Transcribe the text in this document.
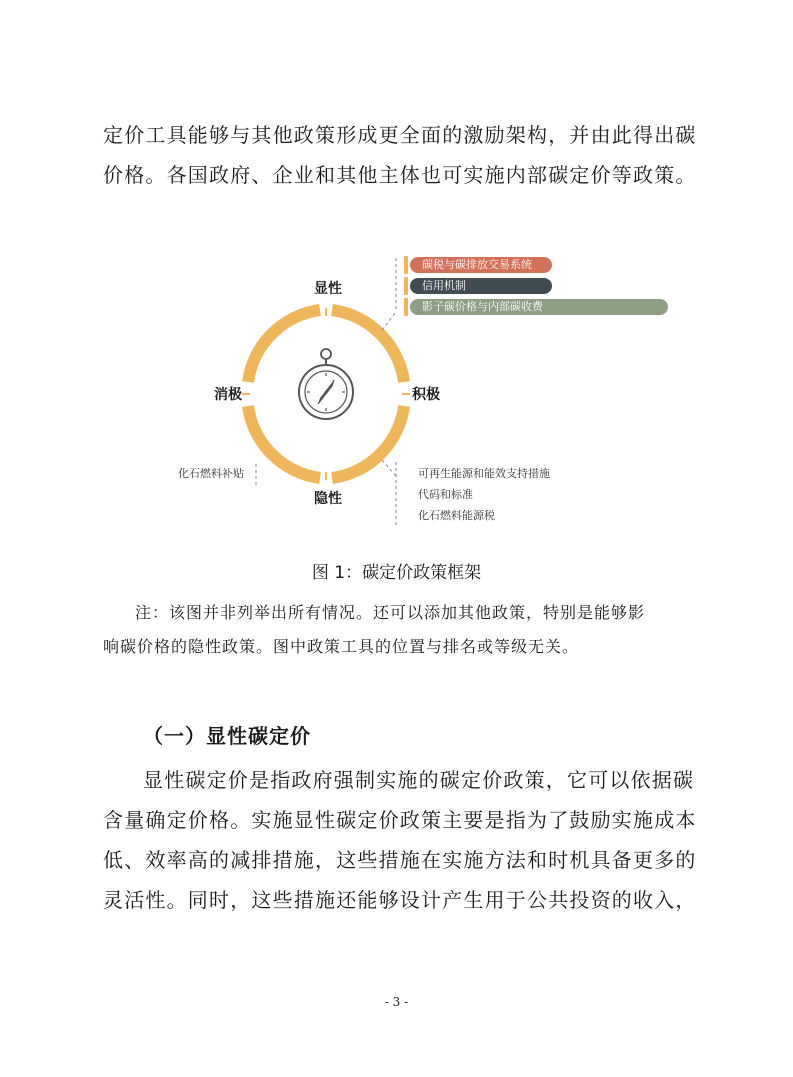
定价工具能够与其他政策形成更全面的激励架构，并由此得出碳
价格。各国政府、企业和其他主体也可实施内部碳定价等政策。
显性
隐性
消极	积极
碳税与碳排放交易系统
信用机制
影子碳价格与内部碳收费
可再生能源和能效支持措施
代码和标准
化石燃料能源税
化石燃料补贴
图 1：碳定价政策框架
注：该图并非列举出所有情况。还可以添加其他政策，特别是能够影
响碳价格的隐性政策。图中政策工具的位置与排名或等级无关。
（一）显性碳定价
显性碳定价是指政府强制实施的碳定价政策，它可以依据碳
含量确定价格。实施显性碳定价政策主要是指为了鼓励实施成本
低、效率高的减排措施，这些措施在实施方法和时机具备更多的
灵活性。同时，这些措施还能够设计产生用于公共投资的收入，
- 3 -
